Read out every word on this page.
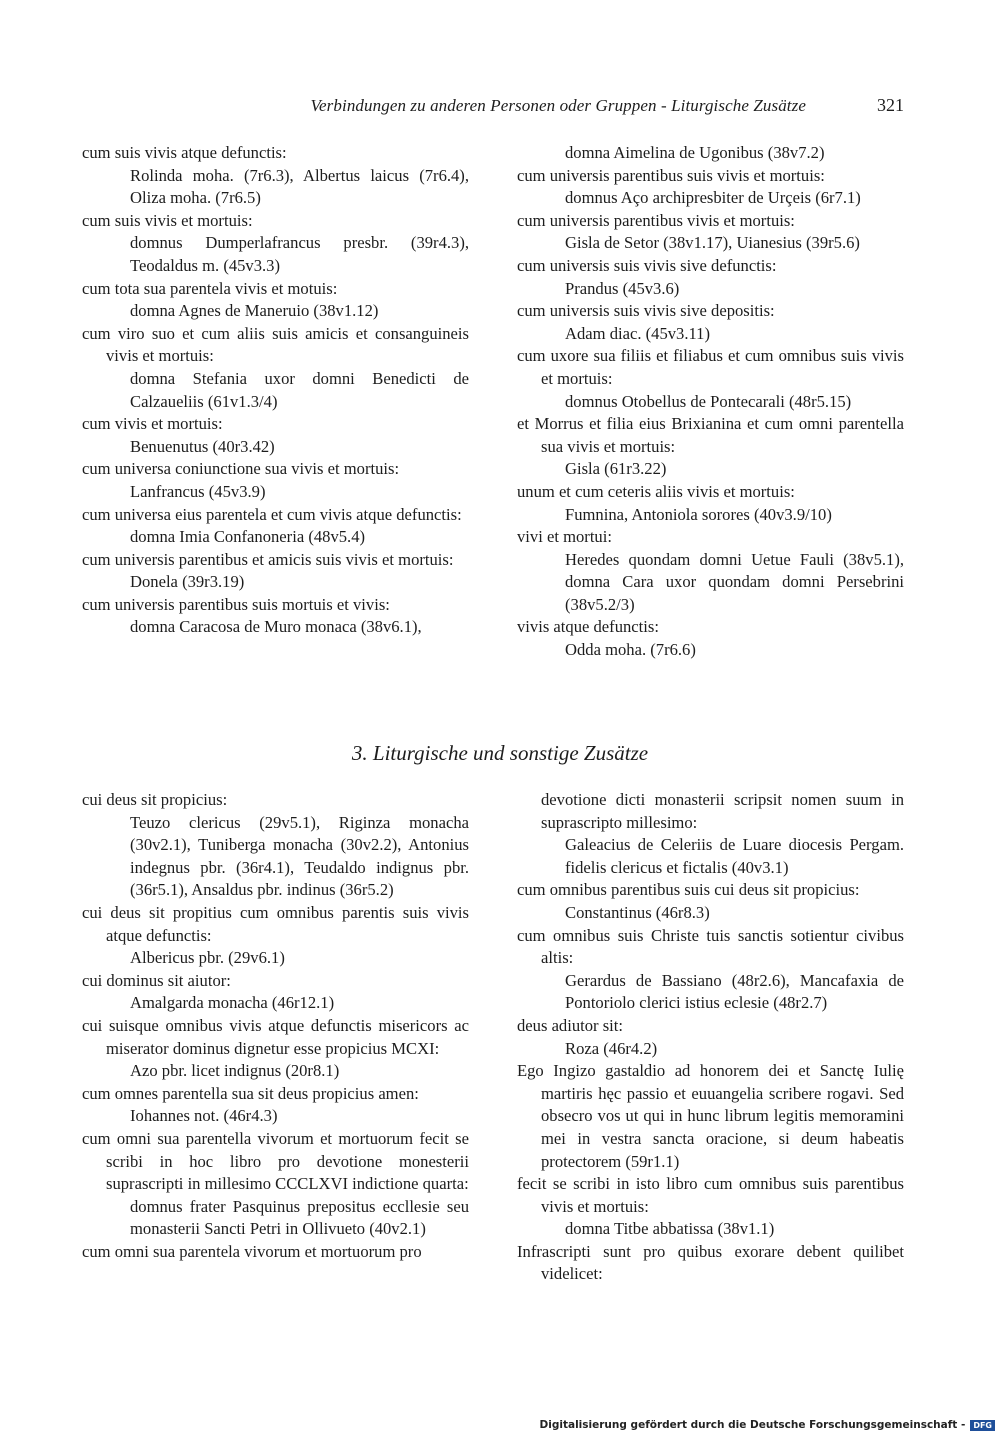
Verbindungen zu anderen Personen oder Gruppen - Liturgische Zusätze	321

cum suis vivis atque defunctis:

Rolinda moha. (7r6.3), Albertus laicus (7r6.4), Oliza moha. (7r6.5)

cum suis vivis et mortuis:

domnus Dumperlafrancus presbr. (39r4.3), Teodaldus m. (45v3.3)

cum tota sua parentela vivis et motuis:

domna Agnes de Maneruio (38v1.12)

cum viro suo et cum aliis suis amicis et consanguineis vivis et mortuis:

domna Stefania uxor domni Benedicti de Calzaueliis (61v1.3/4)

cum vivis et mortuis:

Benuenutus (40r3.42)

cum universa coniunctione sua vivis et mortuis:

Lanfrancus (45v3.9)

cum universa eius parentela et cum vivis atque defunctis:

domna Imia Confanoneria (48v5.4)

cum universis parentibus et amicis suis vivis et mortuis:

Donela (39r3.19)

cum universis parentibus suis mortuis et vivis:

domna Caracosa de Muro monaca (38v6.1),

domna Aimelina de Ugonibus (38v7.2)

cum universis parentibus suis vivis et mortuis:

domnus Aço archipresbiter de Urçeis (6r7.1)

cum universis parentibus vivis et mortuis:

Gisla de Setor (38v1.17), Uianesius (39r5.6)

cum universis suis vivis sive defunctis:

Prandus (45v3.6)

cum universis suis vivis sive depositis:

Adam diac. (45v3.11)

cum uxore sua filiis et filiabus et cum omnibus suis vivis et mortuis:

domnus Otobellus de Pontecarali (48r5.15)

et Morrus et filia eius Brixianina et cum omni parentella sua vivis et mortuis:

Gisla (61r3.22)

unum et cum ceteris aliis vivis et mortuis:

Fumnina, Antoniola sorores (40v3.9/10)

vivi et mortui:

Heredes quondam domni Uetue Fauli (38v5.1), domna Cara uxor quondam domni Persebrini (38v5.2/3)

vivis atque defunctis:

Odda moha. (7r6.6)

3. Liturgische und sonstige Zusätze

cui deus sit propicius:

Teuzo clericus (29v5.1), Riginza monacha (30v2.1), Tuniberga monacha (30v2.2), Antonius indegnus pbr. (36r4.1), Teudaldo indignus pbr. (36r5.1), Ansaldus pbr. indinus (36r5.2)

cui deus sit propitius cum omnibus parentis suis vivis atque defunctis:

Albericus pbr. (29v6.1)

cui dominus sit aiutor:

Amalgarda monacha (46r12.1)

cui suisque omnibus vivis atque defunctis misericors ac miserator dominus dignetur esse propicius MCXI:

Azo pbr. licet indignus (20r8.1)

cum omnes parentella sua sit deus propicius amen:

Iohannes not. (46r4.3)

cum omni sua parentella vivorum et mortuorum fecit se scribi in hoc libro pro devotione monesterii suprascripti in millesimo CCCLXVI indictione quarta:

domnus frater Pasquinus prepositus eccllesie seu monasterii Sancti Petri in Ollivueto (40v2.1)

cum omni sua parentela vivorum et mortuorum pro

devotione dicti monasterii scripsit nomen suum in suprascripto millesimo:

Galeacius de Celeriis de Luare diocesis Pergam. fidelis clericus et fictalis (40v3.1)

cum omnibus parentibus suis cui deus sit propicius:

Constantinus (46r8.3)

cum omnibus suis Christe tuis sanctis sotientur civibus altis:

Gerardus de Bassiano (48r2.6), Mancafaxia de Pontoriolo clerici istius eclesie (48r2.7)

deus adiutor sit:

Roza (46r4.2)

Ego Ingizo gastaldio ad honorem dei et Sanctę Iulię martiris hęc passio et euuangelia scribere rogavi. Sed obsecro vos ut qui in hunc librum legitis memoramini mei in vestra sancta oracione, si deum habeatis protectorem (59r1.1)

fecit se scribi in isto libro cum omnibus suis parentibus vivis et mortuis:

domna Titbe abbatissa (38v1.1)

Infrascripti sunt pro quibus exorare debent quilibet videlicet:

Digitalisierung gefördert durch die Deutsche Forschungsgemeinschaft -	DFG
